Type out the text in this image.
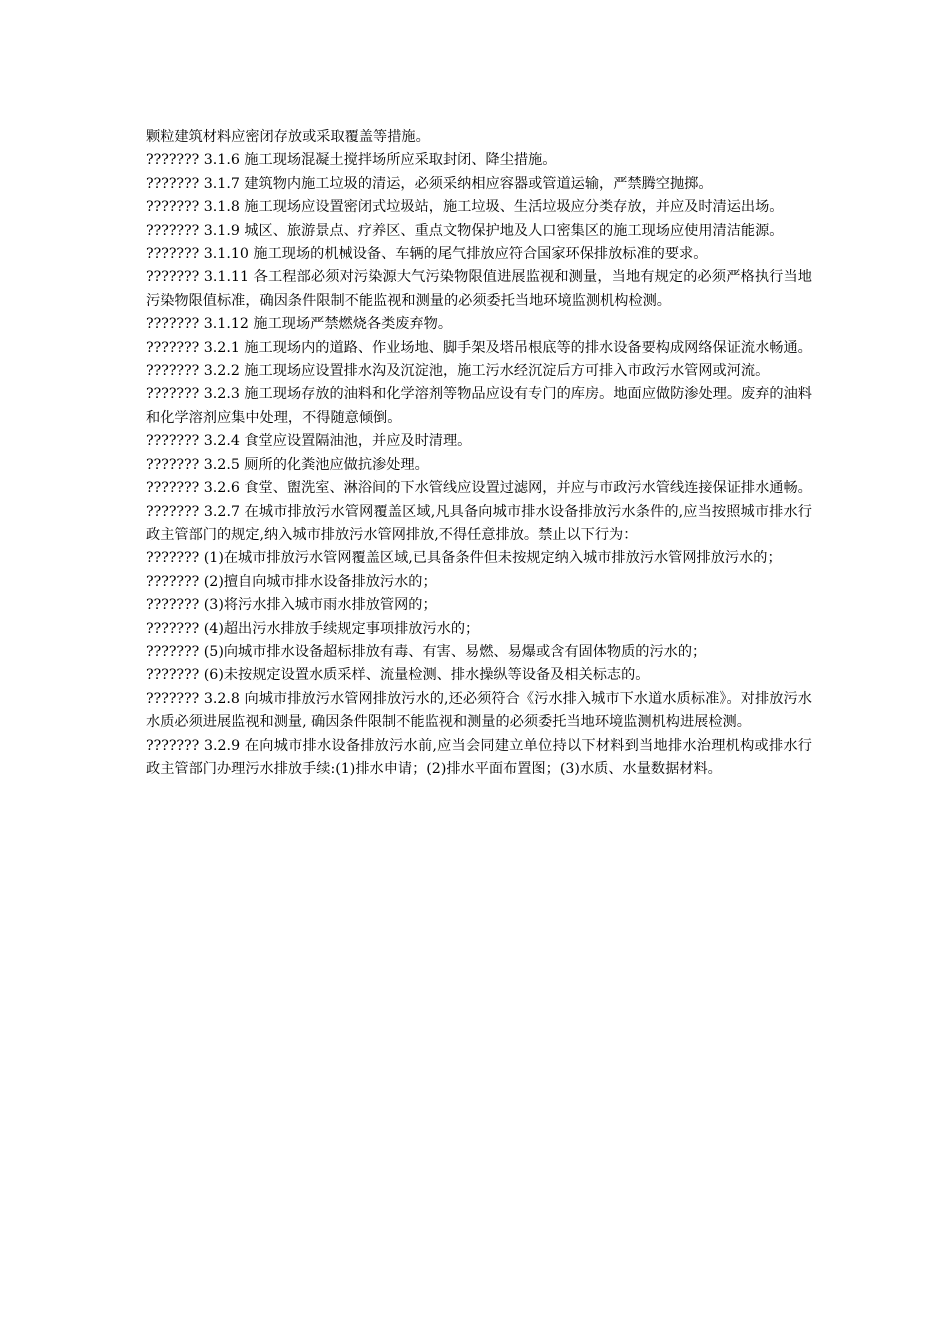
颗粒建筑材料应密闭存放或采取覆盖等措施。

??????? 3.1.6 施工现场混凝土搅拌场所应采取封闭、降尘措施。

??????? 3.1.7 建筑物内施工垃圾的清运，必须采纳相应容器或管道运输，严禁腾空抛掷。

??????? 3.1.8 施工现场应设置密闭式垃圾站，施工垃圾、生活垃圾应分类存放，并应及时清运出场。

??????? 3.1.9 城区、旅游景点、疗养区、重点文物保护地及人口密集区的施工现场应使用清洁能源。

??????? 3.1.10 施工现场的机械设备、车辆的尾气排放应符合国家环保排放标准的要求。

??????? 3.1.11 各工程部必须对污染源大气污染物限值进展监视和测量，当地有规定的必须严格执行当地污染物限值标准，确因条件限制不能监视和测量的必须委托当地环境监测机构检测。

??????? 3.1.12 施工现场严禁燃烧各类废弃物。

??????? 3.2.1 施工现场内的道路、作业场地、脚手架及塔吊根底等的排水设备要构成网络保证流水畅通。

??????? 3.2.2 施工现场应设置排水沟及沉淀池，施工污水经沉淀后方可排入市政污水管网或河流。

??????? 3.2.3 施工现场存放的油料和化学溶剂等物品应设有专门的库房。地面应做防渗处理。废弃的油料和化学溶剂应集中处理，不得随意倾倒。

??????? 3.2.4 食堂应设置隔油池，并应及时清理。

??????? 3.2.5 厕所的化粪池应做抗渗处理。

??????? 3.2.6 食堂、盥洗室、淋浴间的下水管线应设置过滤网，并应与市政污水管线连接保证排水通畅。

??????? 3.2.7 在城市排放污水管网覆盖区域,凡具备向城市排水设备排放污水条件的,应当按照城市排水行政主管部门的规定,纳入城市排放污水管网排放,不得任意排放。禁止以下行为：

??????? (1)在城市排放污水管网覆盖区域,已具备条件但未按规定纳入城市排放污水管网排放污水的；

??????? (2)擅自向城市排水设备排放污水的；

??????? (3)将污水排入城市雨水排放管网的；

??????? (4)超出污水排放手续规定事项排放污水的；

??????? (5)向城市排水设备超标排放有毒、有害、易燃、易爆或含有固体物质的污水的；

??????? (6)未按规定设置水质采样、流量检测、排水操纵等设备及相关标志的。

??????? 3.2.8 向城市排放污水管网排放污水的,还必须符合《污水排入城市下水道水质标准》。对排放污水水质必须进展监视和测量, 确因条件限制不能监视和测量的必须委托当地环境监测机构进展检测。

??????? 3.2.9 在向城市排水设备排放污水前,应当会同建立单位持以下材料到当地排水治理机构或排水行政主管部门办理污水排放手续:(1)排水申请；(2)排水平面布置图；(3)水质、水量数据材料。
